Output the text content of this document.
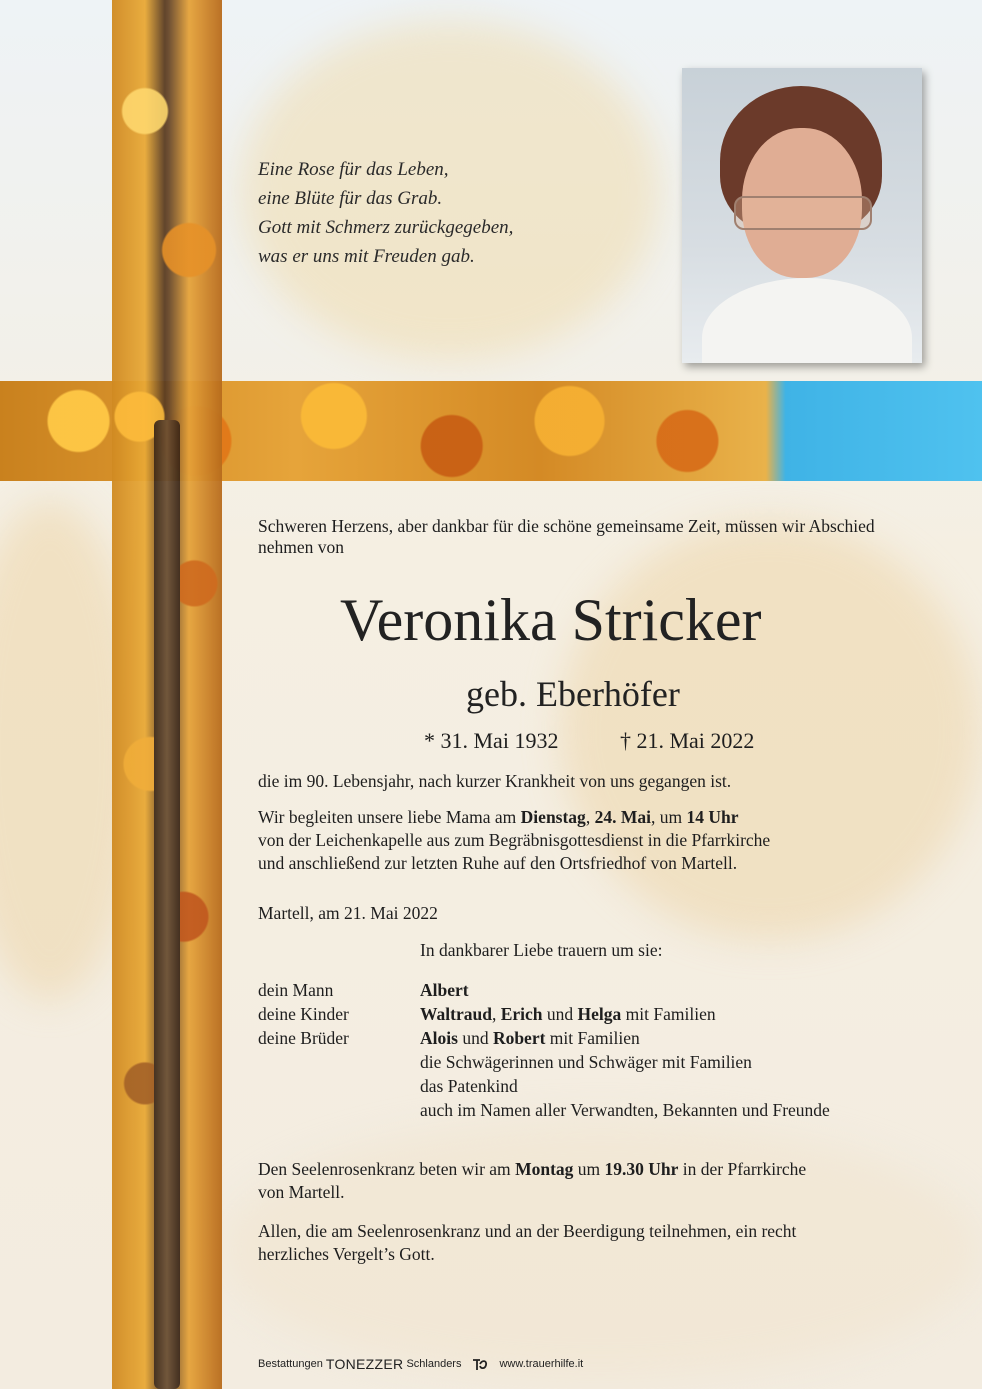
Eine Rose für das Leben,
eine Blüte für das Grab.
Gott mit Schmerz zurückgegeben,
was er uns mit Freuden gab.
Schweren Herzens, aber dankbar für die schöne gemeinsame Zeit, müssen wir Abschied nehmen von
Veronika Stricker
geb. Eberhöfer
* 31. Mai 1932	† 21. Mai 2022
die im 90. Lebensjahr, nach kurzer Krankheit von uns gegangen ist.
Wir begleiten unsere liebe Mama am Dienstag, 24. Mai, um 14 Uhr
von der Leichenkapelle aus zum Begräbnisgottesdienst in die Pfarrkirche
und anschließend zur letzten Ruhe auf den Ortsfriedhof von Martell.
Martell, am 21. Mai 2022
In dankbarer Liebe trauern um sie:
dein Mann	Albert
deine Kinder	Waltraud, Erich und Helga mit Familien
deine Brüder	Alois und Robert mit Familien
die Schwägerinnen und Schwäger mit Familien
das Patenkind
auch im Namen aller Verwandten, Bekannten und Freunde
Den Seelenrosenkranz beten wir am Montag um 19.30 Uhr in der Pfarrkirche
von Martell.
Allen, die am Seelenrosenkranz und an der Beerdigung teilnehmen, ein recht
herzliches Vergelt’s Gott.
Bestattungen TONEZZER Schlanders	www.trauerhilfe.it
